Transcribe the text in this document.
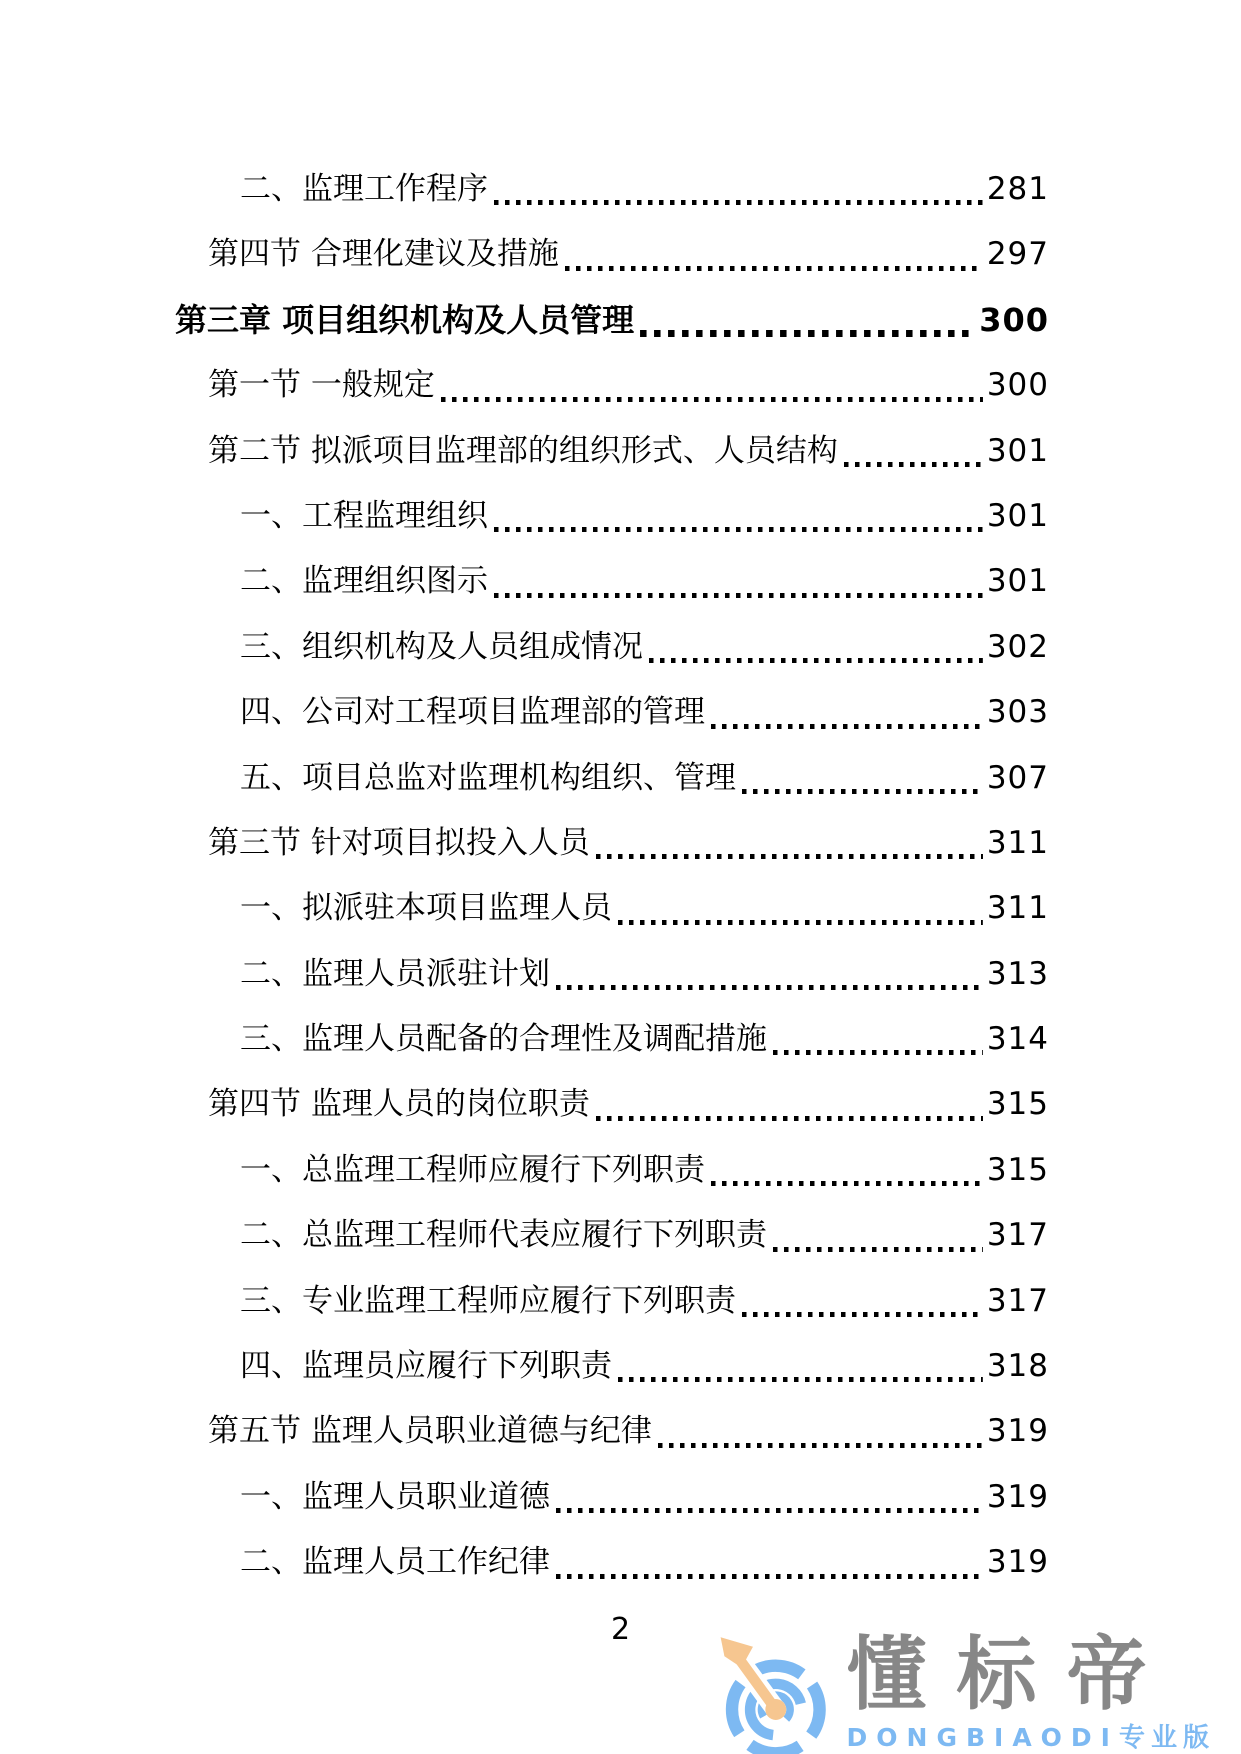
二、监理工作程序	281
第四节 合理化建议及措施	297
第三章 项目组织机构及人员管理	300
第一节 一般规定	300
第二节 拟派项目监理部的组织形式、人员结构	301
一、工程监理组织	301
二、监理组织图示	301
三、组织机构及人员组成情况	302
四、公司对工程项目监理部的管理	303
五、项目总监对监理机构组织、管理	307
第三节 针对项目拟投入人员	311
一、拟派驻本项目监理人员	311
二、监理人员派驻计划	313
三、监理人员配备的合理性及调配措施	314
第四节 监理人员的岗位职责	315
一、总监理工程师应履行下列职责	315
二、总监理工程师代表应履行下列职责	317
三、专业监理工程师应履行下列职责	317
四、监理员应履行下列职责	318
第五节 监理人员职业道德与纪律	319
一、监理人员职业道德	319
二、监理人员工作纪律	319
2	懂标帝
DONGBIAODI 专业版
